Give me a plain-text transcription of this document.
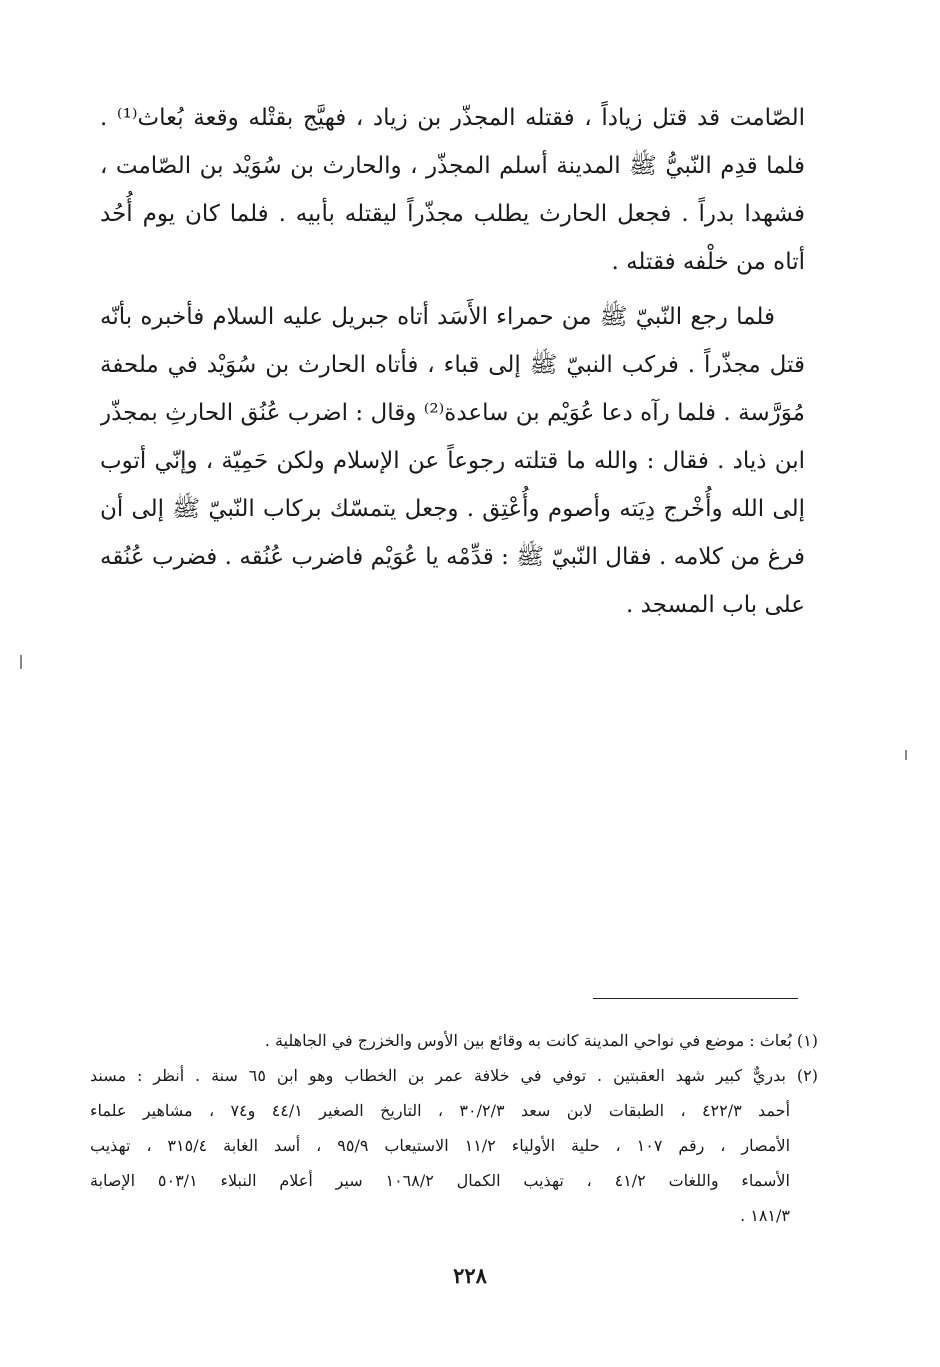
الصّامت قد قتل زياداً ، فقتله المجذّر بن زياد ، فهيَّج بقتْله وقعة بُعاث⁽¹⁾ .
فلما قدِم النّبيُّ ﷺ المدينة أسلم المجذّر ، والحارث بن سُوَيْد بن الصّامت ،
فشهدا بدراً . فجعل الحارث يطلب مجذّراً ليقتله بأبيه . فلما كان يوم أُحُد
أتاه من خلْفه فقتله .
فلما رجع النّبيّ ﷺ من حمراء الأَسَد أتاه جبريل عليه السلام فأخبره بأنّه
قتل مجذّراً . فركب النبيّ ﷺ إلى قباء ، فأتاه الحارث بن سُوَيْد في ملحفة
مُوَرَّسة . فلما رآه دعا عُوَيْم بن ساعدة⁽²⁾ وقال : اضرب عُنُق الحارثِ بمجذّر
ابن ذياد . فقال : والله ما قتلته رجوعاً عن الإسلام ولكن حَمِيّة ، وإنّي أتوب
إلى الله وأُخْرج دِيَته وأصوم وأُعْتِق . وجعل يتمسّك بركاب النّبيّ ﷺ إلى أن
فرغ من كلامه . فقال النّبيّ ﷺ : قدِّمْه يا عُوَيْم فاضرب عُنُقه . فضرب عُنُقه
على باب المسجد .
(١) بُعاث : موضع في نواحي المدينة كانت به وقائع بين الأوس والخزرج في الجاهلية .
(٢) بدريٌّ كبير شهد العقبتين . توفي في خلافة عمر بن الخطاب وهو ابن ٦٥ سنة . أنظر : مسند
أحمد ٤٢٢/٣ ، الطبقات لابن سعد ٣٠/٢/٣ ، التاريخ الصغير ٤٤/١ و٧٤ ، مشاهير علماء
الأمصار ، رقم ١٠٧ ، حلية الأولياء ١١/٢ الاستيعاب ٩٥/٩ ، أسد الغابة ٣١٥/٤ ، تهذيب
الأسماء واللغات ٤١/٢ ، تهذيب الكمال ١٠٦٨/٢ سير أعلام النبلاء ٥٠٣/١ الإصابة
١٨١/٣ .
٢٢٨
